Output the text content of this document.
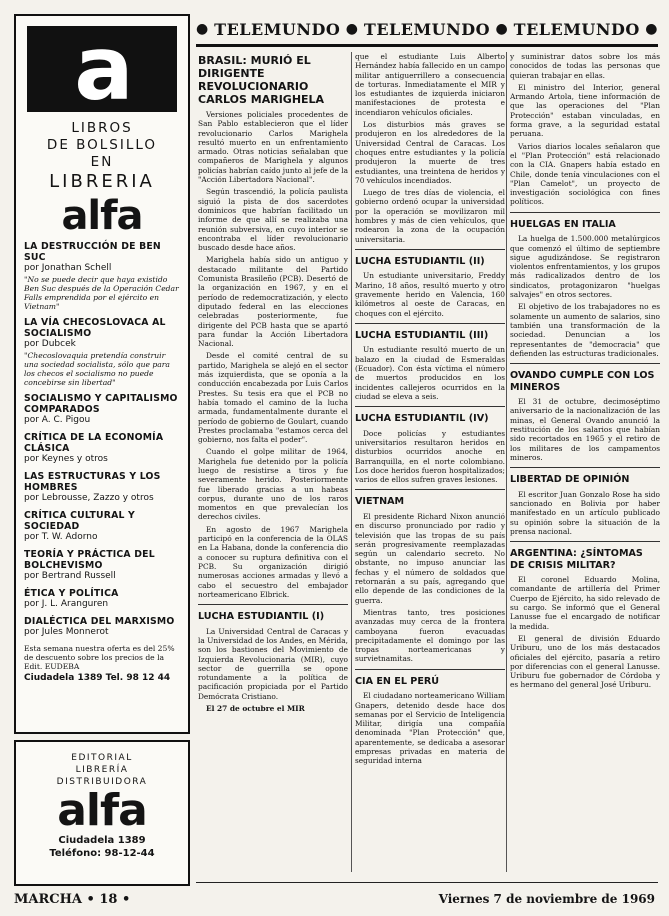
a
LIBROS
DE BOLSILLO
EN
LIBRERIA
alfa
LA DESTRUCCIÓN DE BEN SUC
por Jonathan Schell
"No se puede decir que haya existido Ben Suc después de la Operación Cedar Falls emprendida por el ejército en Vietnam"
LA VÍA CHECOSLOVACA AL SOCIALISMO
por Dubcek
"Checoslovaquia pretendía construir una sociedad socialista, sólo que para los checos el socialismo no puede concebirse sin libertad"
SOCIALISMO Y CAPITALISMO COMPARADOS
por A. C. Pigou
CRÍTICA DE LA ECONOMÍA CLÁSICA
por Keynes y otros
LAS ESTRUCTURAS Y LOS HOMBRES
por Lebrousse, Zazzo y otros
CRÍTICA CULTURAL Y SOCIEDAD
por T. W. Adorno
TEORÍA Y PRÁCTICA DEL BOLCHEVISMO
por Bertrand Russell
ÉTICA Y POLÍTICA
por J. L. Aranguren
DIALÉCTICA DEL MARXISMO
por Jules Monnerot
Esta semana nuestra oferta es del 25% de descuento sobre los precios de la Edit. EUDEBA
Ciudadela 1389 Tel. 98 12 44
EDITORIAL
LIBRERÍA
DISTRIBUIDORA
alfa
Ciudadela 1389
Teléfono: 98-12-44
● TELEMUNDO ● TELEMUNDO ● TELEMUNDO ●
BRASIL: MURIÓ EL DIRIGENTE REVOLUCIONARIO CARLOS MARIGHELA

Versiones policiales procedentes de San Pablo establecieron que el líder revolucionario Carlos Marighela resultó muerto en un enfrentamiento armado. Otras noticias señalaban que compañeros de Marighela y algunos policías habrían caído junto al jefe de la "Acción Libertadora Nacional".

Según trascendió, la policía paulista siguió la pista de dos sacerdotes dominicos que habrían facilitado un informe de que allí se realizaba una reunión subversiva, en cuyo interior se encontraba el líder revolucionario buscado desde hace años.

Marighela había sido un antiguo y destacado militante del Partido Comunista Brasileño (PCB). Desertó de la organización en 1967, y en el período de redemocratización, y electo diputado federal en las elecciones celebradas posteriormente, fue dirigente del PCB hasta que se apartó para fundar la Acción Libertadora Nacional.

Desde el comité central de su partido, Marighela se alejó en el sector más izquierdista, que se oponía a la conducción encabezada por Luis Carlos Prestes. Su tesis era que el PCB no había tomado el camino de la lucha armada, fundamentalmente durante el período de gobierno de Goulart, cuando Prestes proclamaba "estamos cerca del gobierno, nos falta el poder".

Cuando el golpe militar de 1964, Marighela fue detenido por la policía luego de resistirse a tiros y fue severamente herido. Posteriormente fue liberado gracias a un habeas corpus, durante uno de los raros momentos en que prevalecían los derechos civiles.

En agosto de 1967 Marighela participó en la conferencia de la OLAS en La Habana, donde la conferencia dio a conocer su ruptura definitiva con el PCB. Su organización dirigió numerosas acciones armadas y llevó a cabo el secuestro del embajador norteamericano Elbrick.

LUCHA ESTUDIANTIL (I)

La Universidad Central de Caracas y la Universidad de los Andes, en Mérida, son los bastiones del Movimiento de Izquierda Revolucionaria (MIR), cuyo sector de guerrilla se opone rotundamente a la política de pacificación propiciada por el Partido Demócrata Cristiano.

El 27 de octubre el MIR

que el estudiante Luis Alberto Hernández había fallecido en un campo militar antiguerrillero a consecuencia de torturas. Inmediatamente el MIR y los estudiantes de izquierda iniciaron manifestaciones de protesta e incendiaron vehículos oficiales.

Los disturbios más graves se produjeron en los alrededores de la Universidad Central de Caracas. Los choques entre estudiantes y la policía produjeron la muerte de tres estudiantes, una treintena de heridos y 70 vehículos incendiados.

Luego de tres días de violencia, el gobierno ordenó ocupar la universidad por la operación se movilizaron mil hombres y más de cien vehículos, que rodearon la zona de la ocupación universitaria.

LUCHA ESTUDIANTIL (II)

Un estudiante universitario, Freddy Marino, 18 años, resultó muerto y otro gravemente herido en Valencia, 160 kilómetros al oeste de Caracas, en choques con el ejército.

LUCHA ESTUDIANTIL (III)

Un estudiante resultó muerto de un balazo en la ciudad de Esmeraldas (Ecuador). Con ésta víctima el número de muertos producidos en los incidentes callejeros ocurridos en la ciudad se eleva a seis.

LUCHA ESTUDIANTIL (IV)

Doce policías y estudiantes universitarios resultaron heridos en disturbios ocurridos anoche en Barranquilla, en el norte colombiano. Los doce heridos fueron hospitalizados; varios de ellos sufren graves lesiones.

VIETNAM

El presidente Richard Nixon anunció en discurso pronunciado por radio y televisión que las tropas de su país serán progresivamente reemplazadas según un calendario secreto. No obstante, no impuso anunciar las fechas y el número de soldados que retornarán a su país, agregando que ello depende de las condiciones de la guerra.

Mientras tanto, tres posiciones avanzadas muy cerca de la frontera camboyana fueron evacuadas precipitadamente el domingo por las tropas norteamericanas y survietnamitas.

CIA EN EL PERÚ

El ciudadano norteamericano William Gnapers, detenido desde hace dos semanas por el Servicio de Inteligencia Militar, dirigía una compañía denominada "Plan Protección" que, aparentemente, se dedicaba a asesorar empresas privadas en materia de seguridad interna

y suministrar datos sobre los más conocidos de todas las personas que quieran trabajar en ellas.

El ministro del Interior, general Armando Artola, tiene información de que las operaciones del "Plan Protección" estaban vinculadas, en forma grave, a la seguridad estatal peruana.

Varios diarios locales señalaron que el "Plan Protección" está relacionado con la CIA. Gnapers había estado en Chile, donde tenía vinculaciones con el "Plan Camelot", un proyecto de investigación sociológica con fines políticos.

HUELGAS EN ITALIA

La huelga de 1.500.000 metalúrgicos que comenzó el último de septiembre sigue agudizándose. Se registraron violentos enfrentamientos, y los grupos más radicalizados dentro de los sindicatos, protagonizaron "huelgas salvajes" en otros sectores.

El objetivo de los trabajadores no es solamente un aumento de salarios, sino también una transformación de la sociedad. Denuncian a los representantes de "democracia" que defienden las estructuras tradicionales.

OVANDO CUMPLE CON LOS MINEROS

El 31 de octubre, decimoséptimo aniversario de la nacionalización de las minas, el General Ovando anunció la restitución de los salarios que habían sido recortados en 1965 y el retiro de los militares de los campamentos mineros.

LIBERTAD DE OPINIÓN

El escritor Juan Gonzalo Rose ha sido sancionado en Bolivia por haber manifestado en un artículo publicado su opinión sobre la situación de la prensa nacional.

ARGENTINA: ¿SÍNTOMAS DE CRISIS MILITAR?

El coronel Eduardo Molina, comandante de artillería del Primer Cuerpo de Ejército, ha sido relevado de su cargo. Se informó que el General Lanusse fue el encargado de notificar la medida.

El general de división Eduardo Uriburu, uno de los más destacados oficiales del ejército, pasaría a retiro por diferencias con el general Lanusse. Uriburu fue gobernador de Córdoba y es hermano del general José Uriburu.

MARCHA • 18 •	Viernes 7 de noviembre de 1969
